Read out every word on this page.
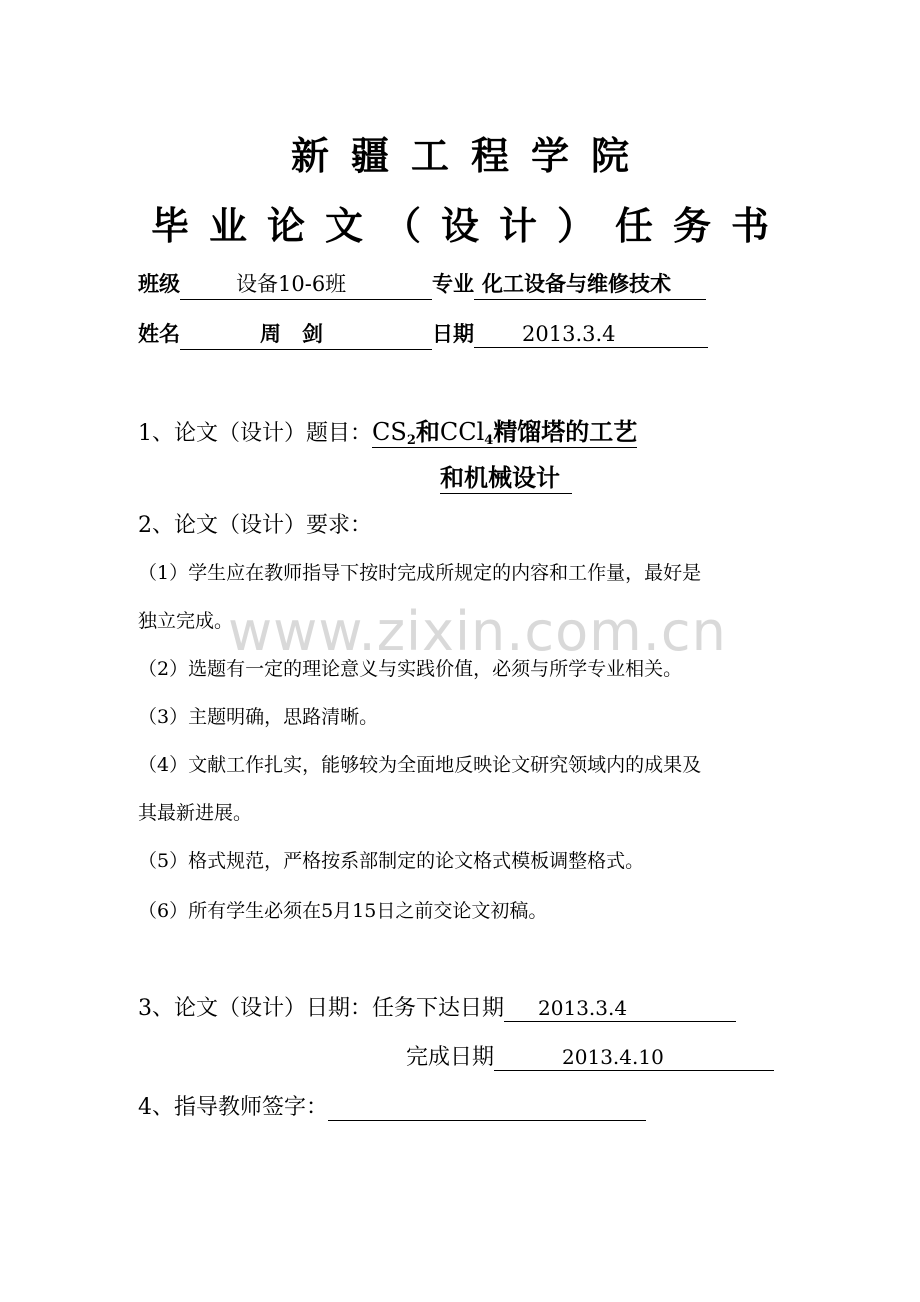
新疆工程学院
毕业论文（设计）任务书
班级	设备10-6班	专业 化工设备与维修技术
姓名	周　剑	日期 2013.3.4
www.zixin.com.cn
1、论文（设计）题目：$CS_2$和CCl$_4$精馏塔的工艺
和机械设计
2、论文（设计）要求：
（1）学生应在教师指导下按时完成所规定的内容和工作量，最好是
独立完成。
（2）选题有一定的理论意义与实践价值，必须与所学专业相关。
（3）主题明确，思路清晰。
（4）文献工作扎实，能够较为全面地反映论文研究领域内的成果及
其最新进展。
（5）格式规范，严格按系部制定的论文格式模板调整格式。
（6）所有学生必须在5月15日之前交论文初稿。
3、论文（设计）日期：任务下达日期 2013.3.4
完成日期	2013.4.10
4、指导教师签字：
